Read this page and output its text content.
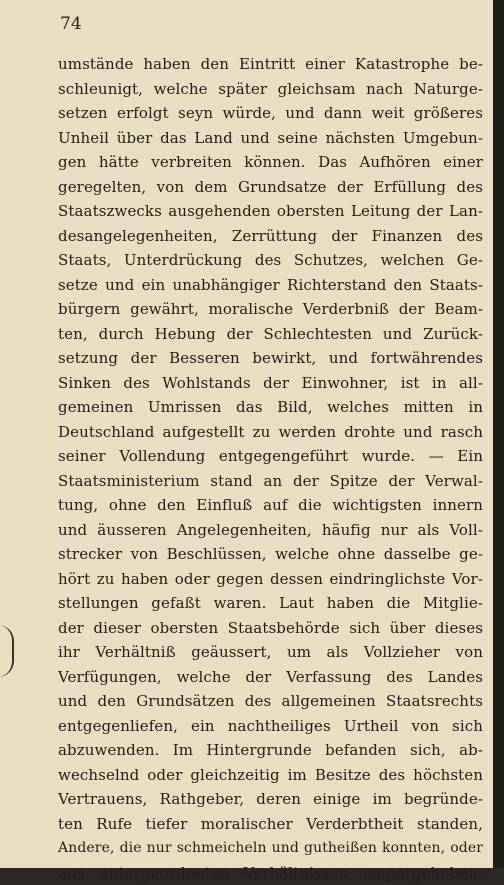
74
umstände haben den Eintritt einer Katastrophe be-
schleunigt, welche später gleichsam nach Naturge-
setzen erfolgt seyn würde, und dann weit größeres
Unheil über das Land und seine nächsten Umgebun-
gen hätte verbreiten können. Das Aufhören einer
geregelten, von dem Grundsatze der Erfüllung des
Staatszwecks ausgehenden obersten Leitung der Lan-
desangelegenheiten, Zerrüttung der Finanzen des
Staats, Unterdrückung des Schutzes, welchen Ge-
setze und ein unabhängiger Richterstand den Staats-
bürgern gewährt, moralische Verderbniß der Beam-
ten, durch Hebung der Schlechtesten und Zurück-
setzung der Besseren bewirkt, und fortwährendes
Sinken des Wohlstands der Einwohner, ist in all-
gemeinen Umrissen das Bild, welches mitten in
Deutschland aufgestellt zu werden drohte und rasch
seiner Vollendung entgegengeführt wurde. — Ein
Staatsministerium stand an der Spitze der Verwal-
tung, ohne den Einfluß auf die wichtigsten innern
und äusseren Angelegenheiten, häufig nur als Voll-
strecker von Beschlüssen, welche ohne dasselbe ge-
hört zu haben oder gegen dessen eindringlichste Vor-
stellungen gefaßt waren. Laut haben die Mitglie-
der dieser obersten Staatsbehörde sich über dieses
ihr Verhältniß geäussert, um als Vollzieher von
Verfügungen, welche der Verfassung des Landes
und den Grundsätzen des allgemeinen Staatsrechts
entgegenliefen, ein nachtheiliges Urtheil von sich
abzuwenden. Im Hintergrunde befanden sich, ab-
wechselnd oder gleichzeitig im Besitze des höchsten
Vertrauens, Rathgeber, deren einige im begründe-
ten Rufe tiefer moralischer Verderbtheit standen,
Andere, die nur schmeicheln und gutheißen konnten, oder
aus untergeordneten Verhältnissen emporgehoben,
